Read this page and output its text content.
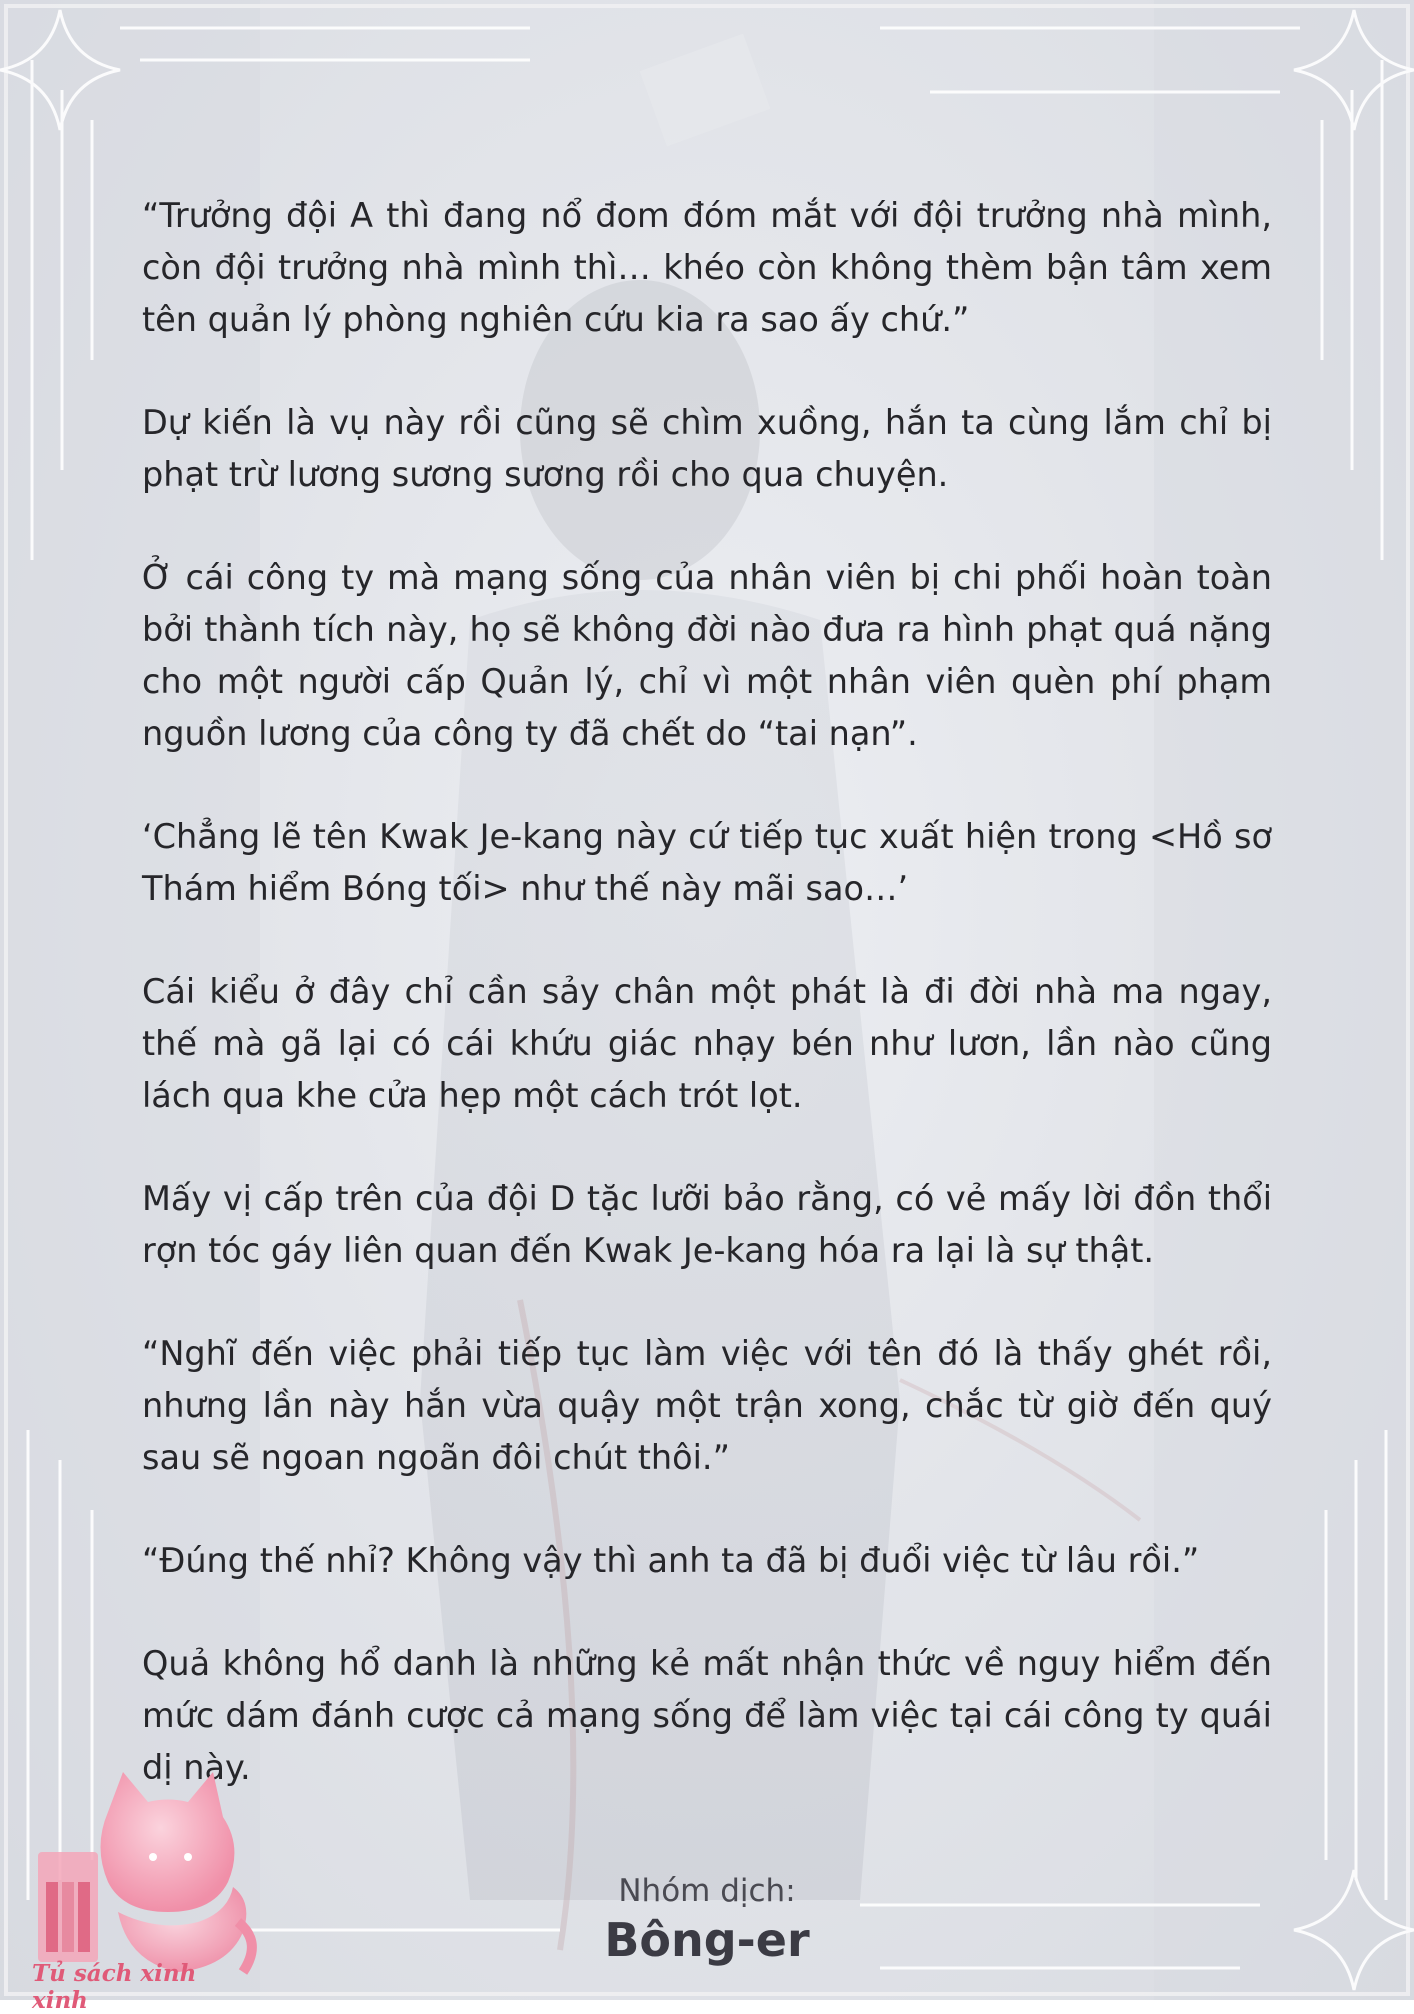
“Trưởng đội A thì đang nổ đom đóm mắt với đội trưởng nhà mình, còn đội trưởng nhà mình thì… khéo còn không thèm bận tâm xem tên quản lý phòng nghiên cứu kia ra sao ấy chứ.”

Dự kiến là vụ này rồi cũng sẽ chìm xuồng, hắn ta cùng lắm chỉ bị phạt trừ lương sương sương rồi cho qua chuyện.

Ở cái công ty mà mạng sống của nhân viên bị chi phối hoàn toàn bởi thành tích này, họ sẽ không đời nào đưa ra hình phạt quá nặng cho một người cấp Quản lý, chỉ vì một nhân viên quèn phí phạm nguồn lương của công ty đã chết do “tai nạn”.

‘Chẳng lẽ tên Kwak Je-kang này cứ tiếp tục xuất hiện trong <Hồ sơ Thám hiểm Bóng tối> như thế này mãi sao…’

Cái kiểu ở đây chỉ cần sảy chân một phát là đi đời nhà ma ngay, thế mà gã lại có cái khứu giác nhạy bén như lươn, lần nào cũng lách qua khe cửa hẹp một cách trót lọt.

Mấy vị cấp trên của đội D tặc lưỡi bảo rằng, có vẻ mấy lời đồn thổi rợn tóc gáy liên quan đến Kwak Je-kang hóa ra lại là sự thật.

“Nghĩ đến việc phải tiếp tục làm việc với tên đó là thấy ghét rồi, nhưng lần này hắn vừa quậy một trận xong, chắc từ giờ đến quý sau sẽ ngoan ngoãn đôi chút thôi.”

“Đúng thế nhỉ? Không vậy thì anh ta đã bị đuổi việc từ lâu rồi.”

Quả không hổ danh là những kẻ mất nhận thức về nguy hiểm đến mức dám đánh cược cả mạng sống để làm việc tại cái công ty quái dị này.

Tủ sách xinh xinh
Nhóm dịch:
Bông-er
